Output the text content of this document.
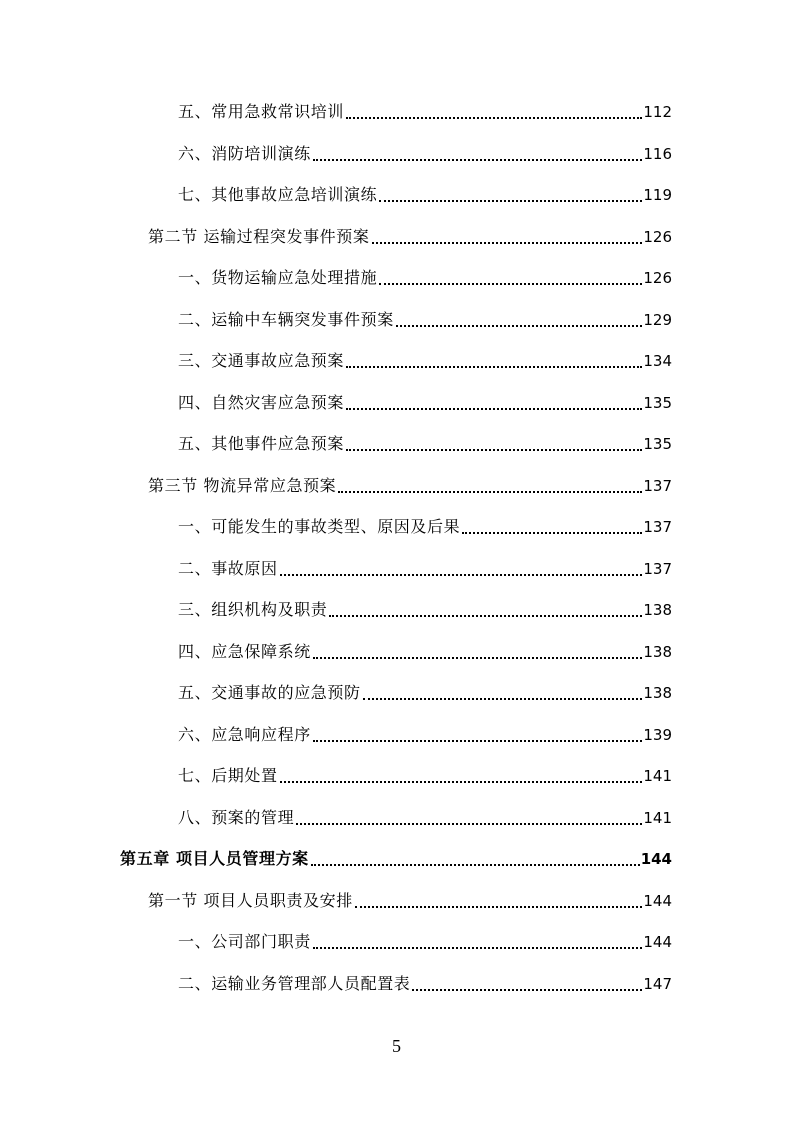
五、常用急救常识培训	112
六、消防培训演练	116
七、其他事故应急培训演练	119
第二节 运输过程突发事件预案	126
一、货物运输应急处理措施	126
二、运输中车辆突发事件预案	129
三、交通事故应急预案	134
四、自然灾害应急预案	135
五、其他事件应急预案	135
第三节 物流异常应急预案	137
一、可能发生的事故类型、原因及后果	137
二、事故原因	137
三、组织机构及职责	138
四、应急保障系统	138
五、交通事故的应急预防	138
六、应急响应程序	139
七、后期处置	141
八、预案的管理	141
第五章 项目人员管理方案	144
第一节 项目人员职责及安排	144
一、公司部门职责	144
二、运输业务管理部人员配置表	147
5
